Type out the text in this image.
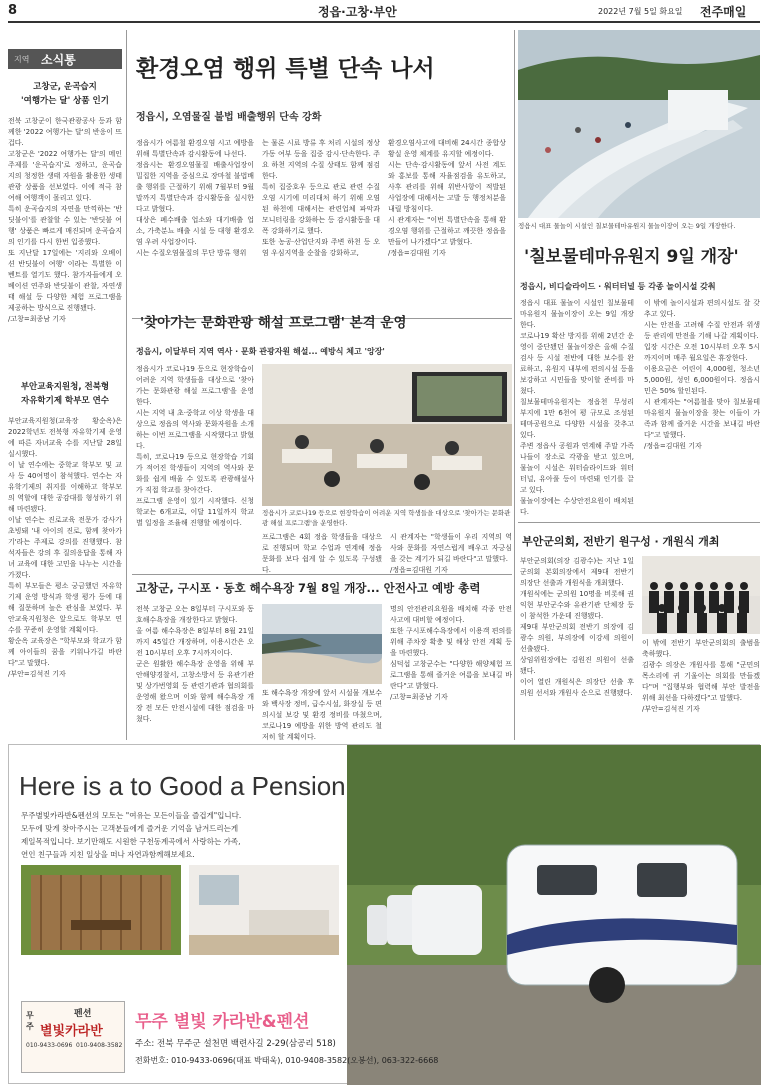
8	정읍·고창·부안	2022년 7월 5일 화요일 전주매일
지역 소식통
고창군, 운곡습지
'여행가는 달' 상품 인기
전북 고창군이 한국관광공사 등과 함께한 '2022 여행가는 달'의 반응이 뜨겁다.
고창군은 '2022 여행가는 달'의 메인 주제를 '운곡습지'로 정하고, 운곡습지의 청정한 생태 자원을 활용한 생태관광 상품을 선보였다. 이에 적극 참여해 여행객이 몰리고 있다.
특히 운곡습지의 자연을 만끽하는 '반딧불이'를 관찰할 수 있는 '반딧불 여행' 상품은 빠르게 매진되며 운곡습지의 인기를 다시 한번 입증했다.
또 지난달 17일에는 '지리와 오베이션 반딧불이 여행' 이라는 특별한 이벤트를 열기도 했다. 참가자들에게 오베이션 연주와 반딧불이 관찰, 자연생태 해설 등 다양한 체험 프로그램을 제공하는 방식으로 진행됐다.
/고창=최종남 기자
부안교육지원청, 전북형
자유학기제 학부모 연수
부안교육지원청(교육장 황순옥)은 2022학년도 전북형 자유학기제 운영에 따른 자녀교육 수를 지난달 28일 실시했다.
이 날 연수에는 중학교 학부모 및 교사 등 40여명이 참석했다. 연수는 자유학기제의 취지를 이해하고 학부모의 역할에 대한 공감대를 형성하기 위해 마련됐다.
이날 연수는 진로교육 전문가 강사가 초빙돼 '내 아이의 진로, 함께 찾아가기'라는 주제로 강의를 진행했다. 참석자들은 강의 후 질의응답을 통해 자녀 교육에 대한 고민을 나누는 시간을 가졌다.
특히 부모들은 평소 궁금했던 자유학기제 운영 방식과 학생 평가 등에 대해 질문하며 높은 관심을 보였다. 부안교육지원청은 앞으로도 학부모 연수를 꾸준히 운영할 계획이다.
황순옥 교육장은 "학부모와 학교가 함께 아이들의 꿈을 키워나가길 바란다"고 말했다.
/부안=김석진 기자
환경오염 행위 특별 단속 나서
정읍시, 오염물질 불법 배출행위 단속 강화
정읍시가 여름철 환경오염 시고 예방을 위해 특별단속과 감시활동에 나선다.
정읍시는 환경오염물질 배출사업장이 밀집한 지역을 중심으로 장마철 불법배출 행위를 근절하기 위해 7월부터 9월 말까지 특별단속과 감시활동을 실시한다고 밝혔다.
대상은 폐수배출 업소와 대기배출 업소, 가축분뇨 배출 시설 등 대형 환경오염 우려 사업장이다.
시는 수질오염물질의 무단 방류 행위
는 물론 시료 방류 후 처리 시설의 정상 가동 여부 등을 집중 감시·단속한다. 주요 하천 지역의 수질 상태도 함께 점검한다.
특히 집중호우 등으로 관로 관련 수질오염 시기에 미리대처 하기 위해 오염된 하천에 대해서는 관련업체 파악과 모니터링을 강화하는 등 감시활동을 대폭 강화하기로 했다.
또한 농공·산업단지와 주변 하천 등 오염 우심지역을 순찰을 강화하고,
환경오염사고에 대비해 24시간 종합상황실 운영 체계를 유지할 예정이다.
시는 단속·감시활동에 앞서 사전 계도와 홍보를 통해 자율점검을 유도하고, 사후 관리를 위해 위반사항이 적발된 사업장에 대해서는 고발 등 행정처분을 내릴 방침이다.
시 관계자는 "이번 특별단속을 통해 환경오염 행위를 근절하고 깨끗한 정읍을 만들어 나가겠다"고 밝혔다.
/정읍=김대원 기자
정읍시 대표 물놀이 시설인 칠보물테마유원지 물놀이장이 오는 9일 개장한다.
'칠보물테마유원지 9일 개장'
정읍시, 비디슬라이드 · 워터터널 등 각종 놀이시설 갖춰
정읍시 대표 물놀이 시설인 칠보물테마유원지 물놀이장이 오는 9일 개장한다.
코로나19 확산 방지를 위해 2년간 운영이 중단됐던 물놀이장은 올해 수질 검사 등 시설 전반에 대한 보수를 완료하고, 유원지 내부에 편의시설 등을 보강하고 시민들을 맞이할 준비를 마쳤다.
칠보물테마유원지는 정읍천 무성리 부지에 1만 6천여 평 규모로 조성된 테마공원으로 다양한 시설을 갖추고 있다.
주변 정읍사 공원과 연계해 주말 가족 나들이 장소로 각광을 받고 있으며, 물놀이 시설은 워터슬라이드와 워터터널, 유아풀 등이 마련돼 인기를 끌고 있다.
물놀이장에는 수상안전요원이 배치된다.
이 밖에 놀이시설과 편의시설도 잘 갖추고 있다.
시는 안전을 고려해 수질 안전과 위생 등 관리에 만전을 기해 나갈 계획이다.
입장 시간은 오전 10시부터 오후 5시까지이며 매주 월요일은 휴장한다.
이용요금은 어린이 4,000원, 청소년 5,000원, 성인 6,000원이다. 정읍시민은 50% 할인된다.
시 관계자는 "여름철을 맞아 칠보물테마유원지 물놀이장을 찾는 이들이 가족과 함께 즐거운 시간을 보내길 바란다"고 말했다.
/정읍=김대원 기자
'찾아가는 문화관광 해설 프로그램' 본격 운영
정읍시, 이달부터 지역 역사 · 문화 관광자원 해설... 예방식 체고 '앙장'
정읍시가 코로나19 등으로 현장학습이 어려운 지역 학생들을 대상으로 '찾아가는 문화관광 해설 프로그램'을 운영한다.
시는 지역 내 초·중학교 이상 학생을 대상으로 정읍의 역사와 문화자원을 소개하는 이번 프로그램을 시작했다고 밝혔다.
특히, 코로나19 등으로 현장학습 기회가 적어진 학생들이 지역의 역사와 문화를 쉽게 배울 수 있도록 관광해설사가 직접 학교를 찾아간다.
프로그램 운영이 있기 시작했다. 신청 학교는 6개교로, 이달 11일까지 학교별 일정을 조율해 진행할 예정이다.
정읍시가 코로나19 등으로 현장학습이 어려운 지역 학생들을 대상으로 '찾아가는 문화관광 해설 프로그램'을 운영한다.
프로그램은 4회 정읍 학생들을 대상으로 진행되며 학교 수업과 연계해 정읍 문화를 보다 쉽게 알 수 있도록 구성됐다.
시 관계자는 "학생들이 우리 지역의 역사와 문화를 자연스럽게 배우고 자긍심을 갖는 계기가 되길 바란다"고 말했다.
/정읍=김대원 기자
고창군, 구시포 · 동호 해수욕장 7월 8일 개장... 안전사고 예방 총력
전북 고창군 오는 8일부터 구시포와 동호해수욕장을 개장한다고 밝혔다.
올 여름 해수욕장은 8일부터 8월 21일까지 45일간 개장하며, 이용시간은 오전 10시부터 오후 7시까지이다.
군은 원활한 해수욕장 운영을 위해 부안해양경찰서, 고창소방서 등 유관기관 및 상가번영회 등 관련기관과 협의회를 운영해 왔으며 이와 함께 해수욕장 개장 전 모든 안전시설에 대한 점검을 마쳤다.
또 해수욕장 개장에 앞서 시설물 개보수와 백사장 정비, 급수시설, 화장실 등 편의시설 보강 및 환경 정비를 마쳤으며, 코로나19 예방을 위한 방역 관리도 철저히 할 계획이다.

명의 안전관리요원을 배치해 각종 안전사고에 대비할 예정이다.
또한 구시포해수욕장에서 이용객 편의를 위해 주차장 확충 및 해상 안전 계획 등을 마련했다.
심덕섭 고창군수는 "다양한 해양체험 프로그램을 통해 즐거운 여름을 보내길 바란다"고 밝혔다.
/고창=최종남 기자
부안군의회, 전반기 원구성 · 개원식 개최
부안군의회(의장 김광수)는 지난 1일 군의회 본회의장에서 제9대 전반기 의장단 선출과 개원식을 개최했다.
개원식에는 군의원 10명을 비롯해 권익현 부안군수와 유관기관 단체장 등이 참석한 가운데 진행됐다.
제9대 부안군의회 전반기 의장에 김광수 의원, 부의장에 이강세 의원이 선출됐다.
상임위원장에는 김원진 의원이 선출됐다.
이어 열린 개원식은 의장단 선출 후 의원 선서와 개원사 순으로 진행됐다.
이 밖에 전반기 부안군의회의 출범을 축하했다.
김광수 의장은 개원사를 통해 "군민의 목소리에 귀 기울이는 의회를 만들겠다"며 "집행부와 협력해 부안 발전을 위해 최선을 다하겠다"고 말했다.
/부안=김석진 기자
Here is a to Good a Pension
무주별빛카라반&펜션의 모토는 "여유는 모든이들을 즐겁게"입니다.
모두에 맞게 찾아주시는 고객분들에게 즐거운 기억을 남겨드리는게
제일목적입니다. 보기만해도 시원한 구천동계곡에서 사랑하는 가족,
연인 친구들과 지친 일상을 떠나 자연과함께해보세요.
펜션
무주 별빛카라반
010-9433-0696 010-9408-3582
무주 별빛 카라반&펜션
주소: 전북 무주군 설천면 백련사길 2-29(삼공리 518)
전화번호: 010-9433-0696(대표 박태욱), 010-9408-3582(오봉선), 063-322-6668
